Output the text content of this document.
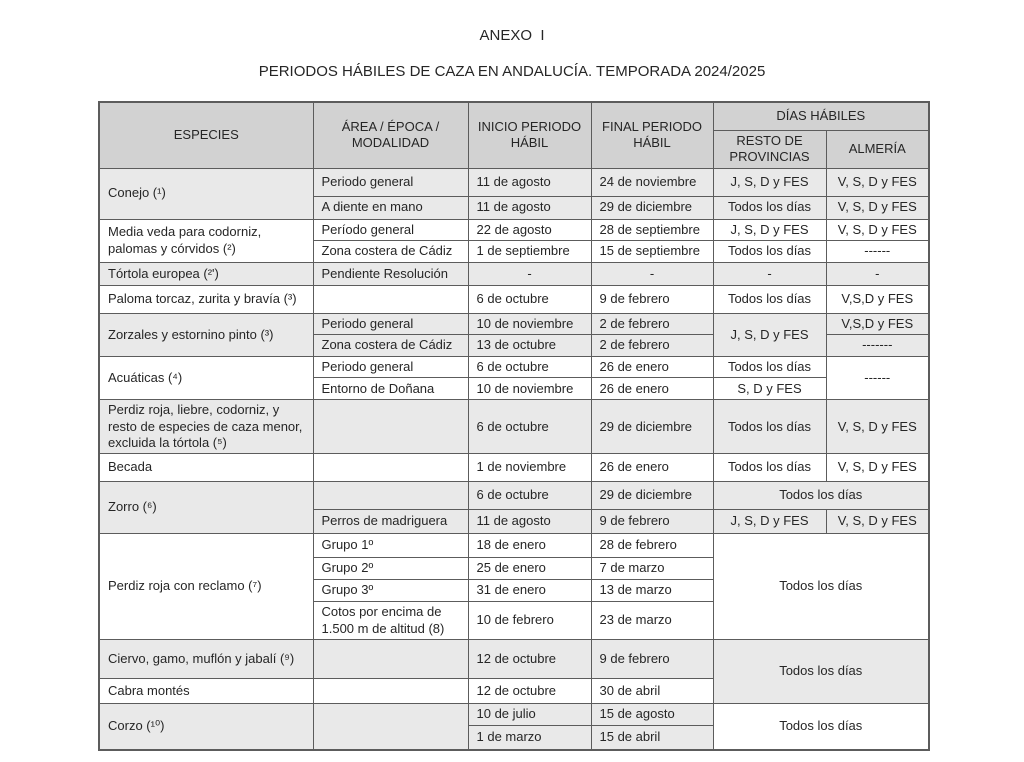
ANEXO  I
PERIODOS HÁBILES DE CAZA EN ANDALUCÍA. TEMPORADA 2024/2025
ESPECIES	ÁREA / ÉPOCA / MODALIDAD	INICIO PERIODO HÁBIL	FINAL PERIODO HÁBIL	DÍAS HÁBILES	
				RESTO DE PROVINCIAS	ALMERÍA
Conejo (¹)	Periodo general	11 de agosto	24 de noviembre	J, S, D y FES	V, S, D y FES
	A diente en mano	11 de agosto	29 de diciembre	Todos los días	V, S, D y FES
Media veda para codorniz, palomas y córvidos (²)	Período general	22 de agosto	28 de septiembre	J, S, D y FES	V, S, D y FES
	Zona costera de Cádiz	1 de septiembre	15 de septiembre	Todos los días	------
Tórtola europea (²')	Pendiente Resolución	-	-	-	-
Paloma torcaz, zurita y bravía (³)		6 de octubre	9 de febrero	Todos los días	V,S,D y FES
Zorzales y estornino pinto (³)	Periodo general	10 de noviembre	2 de febrero	J, S, D y FES	V,S,D y FES
	Zona costera de Cádiz	13 de octubre	2 de febrero		-------
Acuáticas (⁴)	Periodo general	6 de octubre	26 de enero	Todos los días	------
	Entorno de Doñana	10 de noviembre	26 de enero	S, D y FES	
Perdiz roja, liebre, codorniz, y resto de especies de caza menor, excluida la tórtola (⁵)		6 de octubre	29 de diciembre	Todos los días	V, S, D y FES
Becada		1 de noviembre	26 de enero	Todos los días	V, S, D y FES
Zorro (⁶)		6 de octubre	29 de diciembre	Todos los días	
	Perros de madriguera	11 de agosto	9 de febrero	J, S, D y FES	V, S, D y FES
Perdiz roja con reclamo (⁷)	Grupo 1º	18 de enero	28 de febrero	Todos los días	
	Grupo 2º	25 de enero	7 de marzo		
	Grupo 3º	31 de enero	13 de marzo		
	Cotos por encima de 1.500 m de altitud (8)	10 de febrero	23 de marzo		
Ciervo, gamo, muflón y jabalí (⁹)		12 de octubre	9 de febrero	Todos los días	
Cabra montés		12 de octubre	30 de abril		
Corzo (¹⁰)		10 de julio	15 de agosto	Todos los días	
		1 de marzo	15 de abril		
